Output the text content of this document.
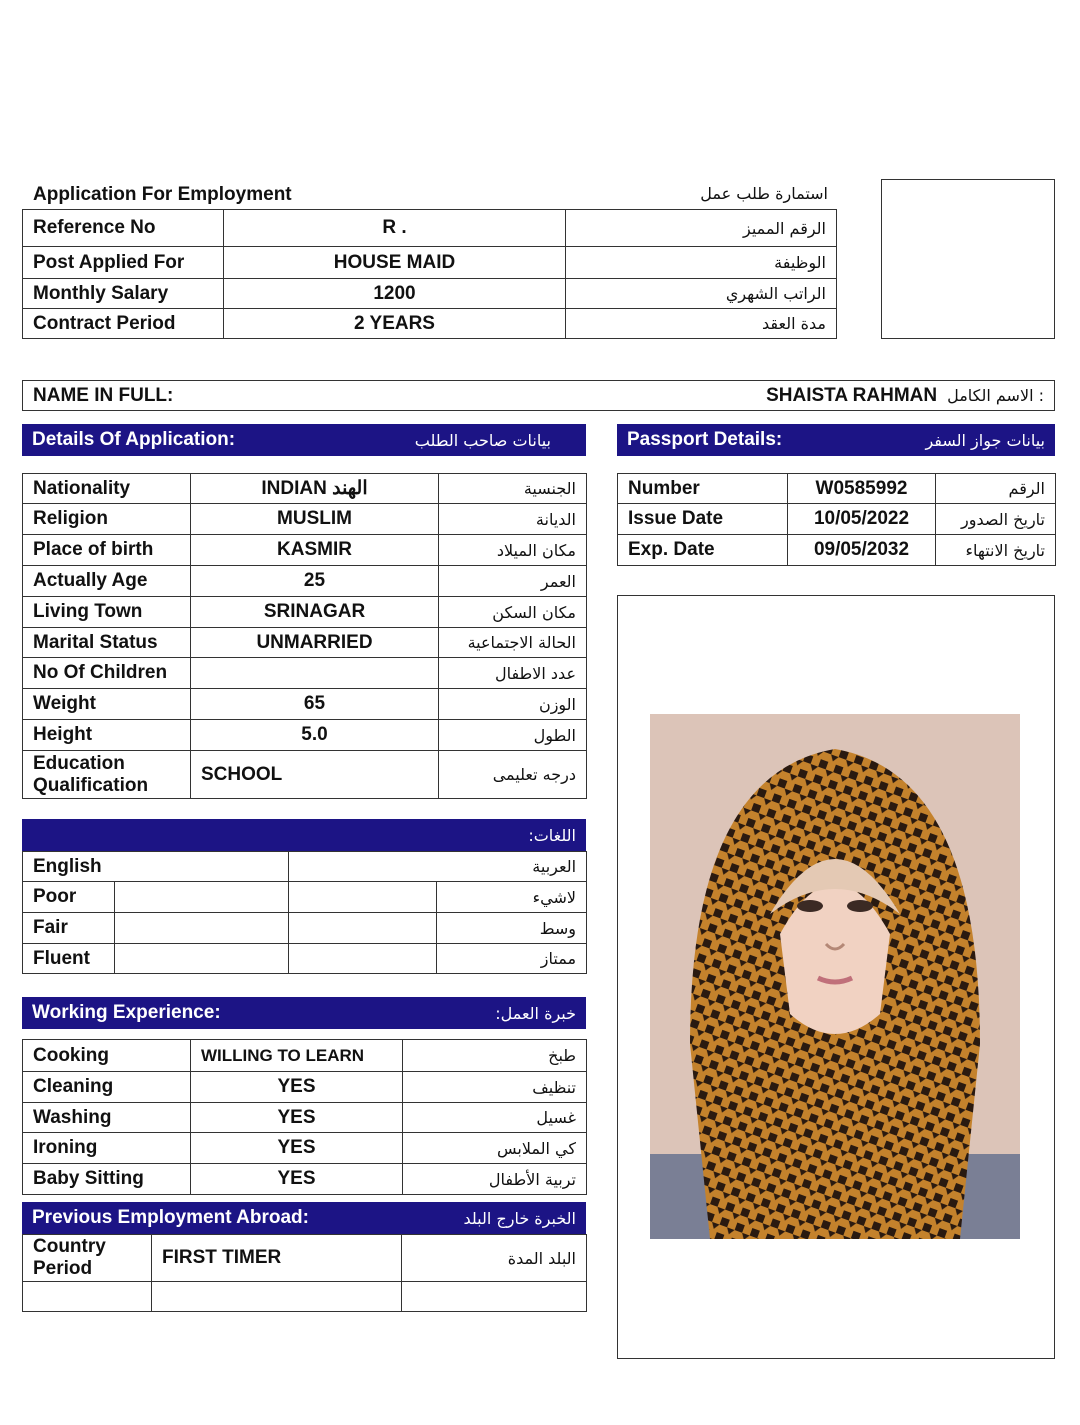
Application For Employment	استمارة طلب عمل
Reference No	R .	الرقم المميز
Post Applied For	HOUSE MAID	الوظيفة
Monthly Salary	1200	الراتب الشهري
Contract Period	2 YEARS	مدة العقد
NAME IN FULL:	SHAISTA RAHMAN : الاسم الكامل
Details Of Application:	بيانات صاحب الطلب	Passport Details:	بيانات جواز السفر
Nationality	INDIAN الهند	الجنسية
Religion	MUSLIM	الديانة
Place of birth	KASMIR	مكان الميلاد
Actually Age	25	العمر
Living Town	SRINAGAR	مكان السكن
Marital Status	UNMARRIED	الحالة الاجتماعية
No Of Children		عدد الاطفال
Weight	65	الوزن
Height	5.0	الطول

Education
Qualification	SCHOOL	درجه تعليمى
Number	W0585992	الرقم
Issue Date	10/05/2022	تاريخ الصدور
Exp. Date	09/05/2032	تاريخ الانتهاء
اللغات:
English		العربية	
Poor			لاشيء
Fair			وسط
Fluent			ممتاز
Working Experience:	خبرة العمل:
Cooking	WILLING TO LEARN	طبخ
Cleaning	YES	تنظيف
Washing	YES	غسيل
Ironing	YES	كي الملابس
Baby Sitting	YES	تربية الأطفال
Previous Employment Abroad:	الخبرة خارج البلد
Country
Period	FIRST TIMER	البلد المدة
